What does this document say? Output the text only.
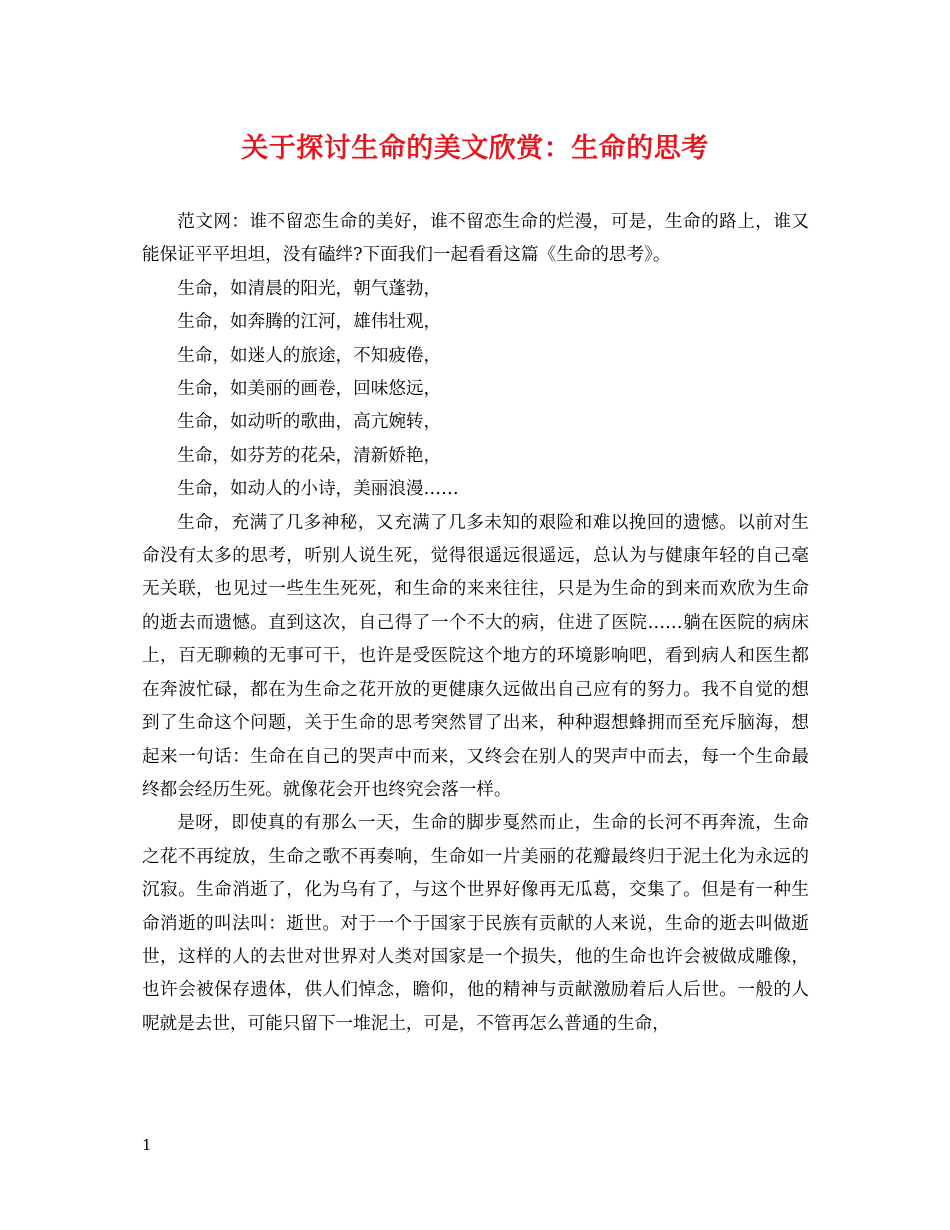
关于探讨生命的美文欣赏：生命的思考

范文网：谁不留恋生命的美好，谁不留恋生命的烂漫，可是，生命的路上，谁又能保证平平坦坦，没有磕绊?下面我们一起看看这篇《生命的思考》。

生命，如清晨的阳光，朝气蓬勃，

生命，如奔腾的江河，雄伟壮观，

生命，如迷人的旅途，不知疲倦，

生命，如美丽的画卷，回味悠远，

生命，如动听的歌曲，高亢婉转，

生命，如芬芳的花朵，清新娇艳，

生命，如动人的小诗，美丽浪漫……

生命，充满了几多神秘，又充满了几多未知的艰险和难以挽回的遗憾。以前对生命没有太多的思考，听别人说生死，觉得很遥远很遥远，总认为与健康年轻的自己毫无关联，也见过一些生生死死，和生命的来来往往，只是为生命的到来而欢欣为生命的逝去而遗憾。直到这次，自己得了一个不大的病，住进了医院……躺在医院的病床上，百无聊赖的无事可干，也许是受医院这个地方的环境影响吧，看到病人和医生都在奔波忙碌，都在为生命之花开放的更健康久远做出自己应有的努力。我不自觉的想到了生命这个问题，关于生命的思考突然冒了出来，种种遐想蜂拥而至充斥脑海，想起来一句话：生命在自己的哭声中而来，又终会在别人的哭声中而去，每一个生命最终都会经历生死。就像花会开也终究会落一样。

是呀，即使真的有那么一天，生命的脚步戛然而止，生命的长河不再奔流，生命之花不再绽放，生命之歌不再奏响，生命如一片美丽的花瓣最终归于泥土化为永远的沉寂。生命消逝了，化为乌有了，与这个世界好像再无瓜葛，交集了。但是有一种生命消逝的叫法叫：逝世。对于一个于国家于民族有贡献的人来说，生命的逝去叫做逝世，这样的人的去世对世界对人类对国家是一个损失，他的生命也许会被做成雕像，也许会被保存遗体，供人们悼念，瞻仰，他的精神与贡献激励着后人后世。一般的人呢就是去世，可能只留下一堆泥土，可是，不管再怎么普通的生命，

1
